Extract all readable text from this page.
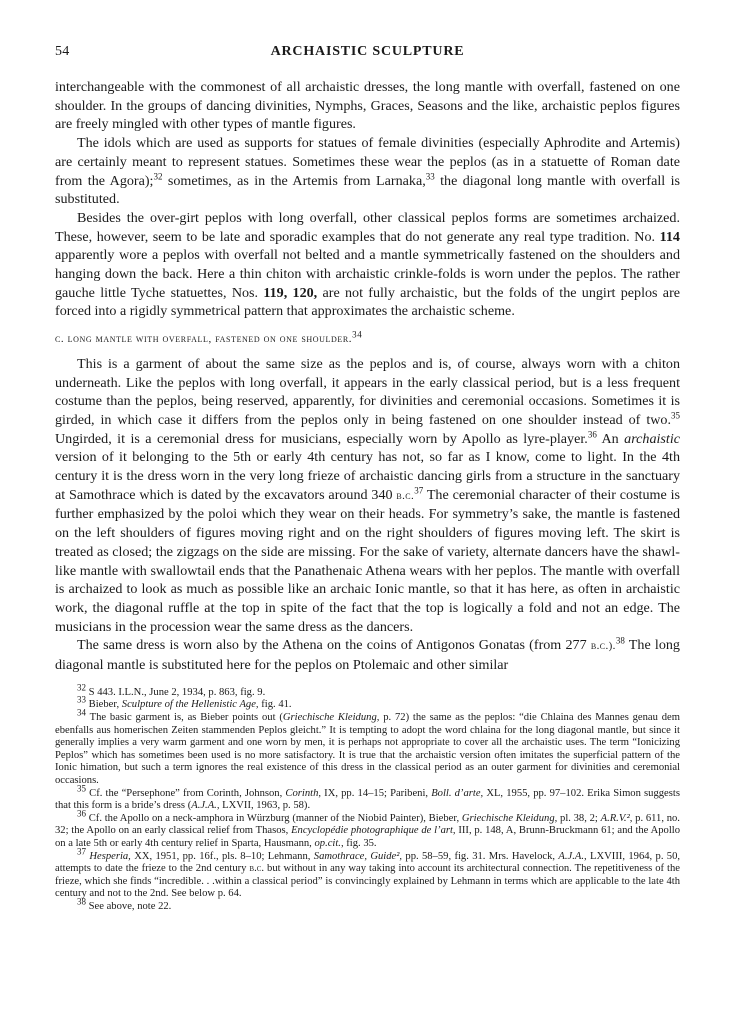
54	ARCHAISTIC SCULPTURE

interchangeable with the commonest of all archaistic dresses, the long mantle with overfall, fastened on one shoulder. In the groups of dancing divinities, Nymphs, Graces, Seasons and the like, archaistic peplos figures are freely mingled with other types of mantle figures.

The idols which are used as supports for statues of female divinities (especially Aphrodite and Artemis) are certainly meant to represent statues. Sometimes these wear the peplos (as in a statuette of Roman date from the Agora);$^{32}$ sometimes, as in the Artemis from Larnaka,$^{33}$ the diagonal long mantle with overfall is substituted.

Besides the over-girt peplos with long overfall, other classical peplos forms are sometimes archaized. These, however, seem to be late and sporadic examples that do not generate any real type tradition. No. 114 apparently wore a peplos with overfall not belted and a mantle symmetrically fastened on the shoulders and hanging down the back. Here a thin chiton with archaistic crinkle-folds is worn under the peplos. The rather gauche little Tyche statuettes, Nos. 119, 120, are not fully archaistic, but the folds of the ungirt peplos are forced into a rigidly symmetrical pattern that approximates the archaistic scheme.

c. long mantle with overfall, fastened on one shoulder.$^{34}$

This is a garment of about the same size as the peplos and is, of course, always worn with a chiton underneath. Like the peplos with long overfall, it appears in the early classical period, but is a less frequent costume than the peplos, being reserved, apparently, for divinities and ceremonial occasions. Sometimes it is girded, in which case it differs from the peplos only in being fastened on one shoulder instead of two.$^{35}$ Ungirded, it is a ceremonial dress for musicians, especially worn by Apollo as lyre-player.$^{36}$ An archaistic version of it belonging to the 5th or early 4th century has not, so far as I know, come to light. In the 4th century it is the dress worn in the very long frieze of archaistic dancing girls from a structure in the sanctuary at Samothrace which is dated by the excavators around 340 b.c.$^{37}$ The ceremonial character of their costume is further emphasized by the poloi which they wear on their heads. For symmetry’s sake, the mantle is fastened on the left shoulders of figures moving right and on the right shoulders of figures moving left. The skirt is treated as closed; the zigzags on the side are missing. For the sake of variety, alternate dancers have the shawl-like mantle with swallowtail ends that the Panathenaic Athena wears with her peplos. The mantle with overfall is archaized to look as much as possible like an archaic Ionic mantle, so that it has here, as often in archaistic work, the diagonal ruffle at the top in spite of the fact that the top is logically a fold and not an edge. The musicians in the procession wear the same dress as the dancers.

The same dress is worn also by the Athena on the coins of Antigonos Gonatas (from 277 b.c.).$^{38}$ The long diagonal mantle is substituted here for the peplos on Ptolemaic and other similar

$^{32}$ S 443. I.L.N., June 2, 1934, p. 863, fig. 9.

$^{33}$ Bieber, Sculpture of the Hellenistic Age, fig. 41.

$^{34}$ The basic garment is, as Bieber points out (Griechische Kleidung, p. 72) the same as the peplos: “die Chlaina des Mannes genau dem ebenfalls aus homerischen Zeiten stammenden Peplos gleicht.” It is tempting to adopt the word chlaina for the long diagonal mantle, but since it generally implies a very warm garment and one worn by men, it is perhaps not appropriate to cover all the archaistic uses. The term “Ionicizing Peplos” which has sometimes been used is no more satisfactory. It is true that the archaistic version often imitates the superficial pattern of the Ionic himation, but such a term ignores the real existence of this dress in the classical period as an outer garment for divinities and ceremonial occasions.

$^{35}$ Cf. the “Persephone” from Corinth, Johnson, Corinth, IX, pp. 14–15; Paribeni, Boll. d’arte, XL, 1955, pp. 97–102. Erika Simon suggests that this form is a bride’s dress (A.J.A., LXVII, 1963, p. 58).

$^{36}$ Cf. the Apollo on a neck-amphora in Würzburg (manner of the Niobid Painter), Bieber, Griechische Kleidung, pl. 38, 2; A.R.V.², p. 611, no. 32; the Apollo on an early classical relief from Thasos, Encyclopédie photographique de l’art, III, p. 148, A, Brunn-Bruckmann 61; and the Apollo on a late 5th or early 4th century relief in Sparta, Hausmann, op.cit., fig. 35.

$^{37}$ Hesperia, XX, 1951, pp. 16f., pls. 8–10; Lehmann, Samothrace, Guide², pp. 58–59, fig. 31. Mrs. Havelock, A.J.A., LXVIII, 1964, p. 50, attempts to date the frieze to the 2nd century b.c. but without in any way taking into account its architectural connection. The repetitiveness of the frieze, which she finds “incredible. . .within a classical period” is convincingly explained by Lehmann in terms which are applicable to the late 4th century and not to the 2nd. See below p. 64.

$^{38}$ See above, note 22.
